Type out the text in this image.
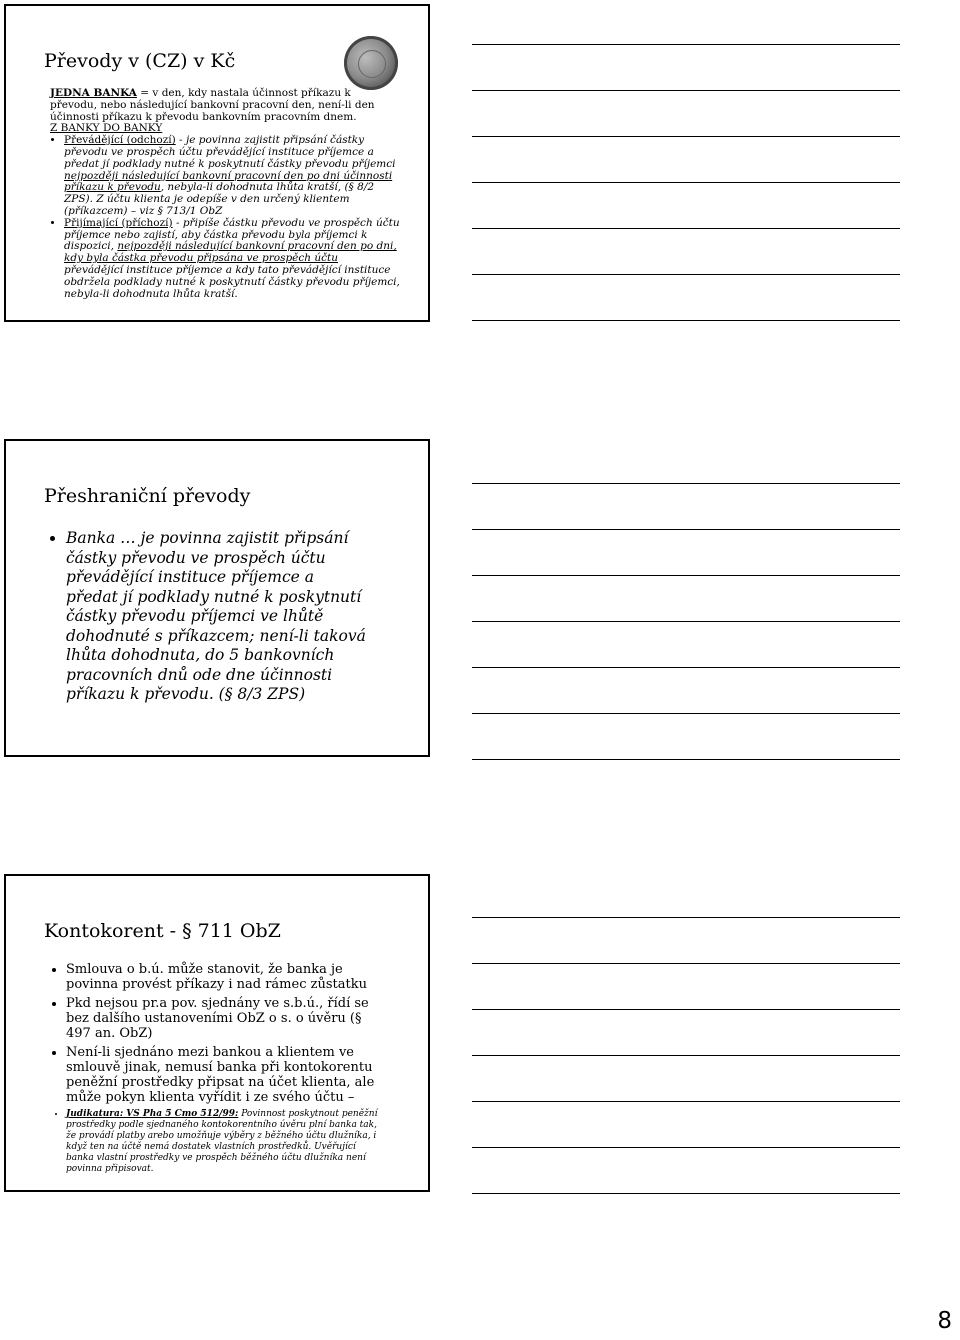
Převody v (CZ) v Kč

JEDNA BANKA = v den, kdy nastala účinnost příkazu k převodu, nebo následující bankovní pracovní den, není-li den účinnosti příkazu k převodu bankovním pracovním dnem.

Z BANKY DO BANKY

• Převádějící (odchozí) - je povinna zajistit připsání částky převodu ve prospěch účtu převádějící instituce příjemce a předat jí podklady nutné k poskytnutí částky převodu příjemci nejpozději následující bankovní pracovní den po dni účinnosti příkazu k převodu, nebyla-li dohodnuta lhůta kratší, (§ 8/2 ZPS). Z účtu klienta je odepíše v den určený klientem (příkazcem) – viz § 713/1 ObZ
• Přijímající (příchozí) - připíše částku převodu ve prospěch účtu příjemce nebo zajistí, aby částka převodu byla příjemci k dispozici, nejpozději následující bankovní pracovní den po dni, kdy byla částka převodu připsána ve prospěch účtu převádějící instituce příjemce a kdy tato převádějící instituce obdržela podklady nutné k poskytnutí částky převodu příjemci, nebyla-li dohodnuta lhůta kratší.
Přeshraniční převody
• Banka … je povinna zajistit připsání částky převodu ve prospěch účtu převádějící instituce příjemce a předat jí podklady nutné k poskytnutí částky převodu příjemci ve lhůtě dohodnuté s příkazcem; není-li taková lhůta dohodnuta, do 5 bankovních pracovních dnů ode dne účinnosti příkazu k převodu. (§ 8/3 ZPS)
Kontokorent - § 711 ObZ
• Smlouva o b.ú. může stanovit, že banka je povinna provést příkazy i nad rámec zůstatku
• Pkd nejsou pr.a pov. sjednány ve s.b.ú., řídí se bez dalšího ustanoveními ObZ o s. o úvěru (§ 497 an. ObZ)
• Není-li sjednáno mezi bankou a klientem ve smlouvě jinak, nemusí banka při kontokorentu peněžní prostředky připsat na účet klienta, ale může pokyn klienta vyřídit i ze svého účtu –
• Judikatura: VS Pha 5 Cmo 512/99: Povinnost poskytnout peněžní prostředky podle sjednaného kontokorentního úvěru plní banka tak, že provádí platby arebo umožňuje výběry z běžného účtu dlužníka, i když ten na účtě nemá dostatek vlastních prostředků. Uvěřující banka vlastní prostředky ve prospěch běžného účtu dlužníka není povinna připisovat.
8
